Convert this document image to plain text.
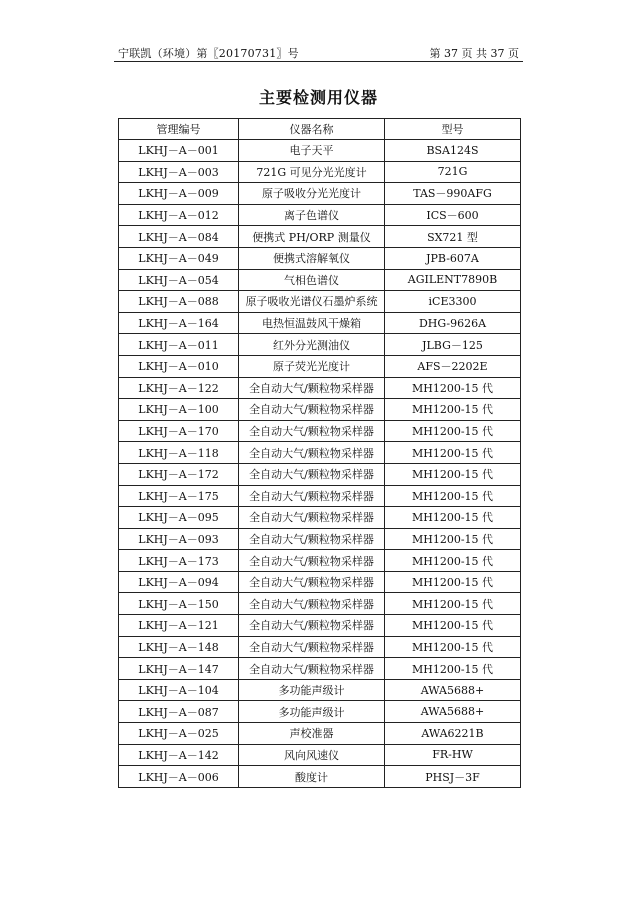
宁联凯（环境）第〖20170731〗号	第 37 页 共 37 页
主要检测用仪器
管理编号	仪器名称	型号
LKHJ－A－001	电子天平	BSA124S
LKHJ－A－003	721G 可见分光光度计	721G
LKHJ－A－009	原子吸收分光光度计	TAS－990AFG
LKHJ－A－012	离子色谱仪	ICS－600
LKHJ－A－084	便携式 PH/ORP 测量仪	SX721 型
LKHJ－A－049	便携式溶解氧仪	JPB-607A
LKHJ－A－054	气相色谱仪	AGILENT7890B
LKHJ－A－088	原子吸收光谱仪石墨炉系统	iCE3300
LKHJ－A－164	电热恒温鼓风干燥箱	DHG-9626A
LKHJ－A－011	红外分光测油仪	JLBG－125
LKHJ－A－010	原子荧光光度计	AFS－2202E
LKHJ－A－122	全自动大气/颗粒物采样器	MH1200-15 代
LKHJ－A－100	全自动大气/颗粒物采样器	MH1200-15 代
LKHJ－A－170	全自动大气/颗粒物采样器	MH1200-15 代
LKHJ－A－118	全自动大气/颗粒物采样器	MH1200-15 代
LKHJ－A－172	全自动大气/颗粒物采样器	MH1200-15 代
LKHJ－A－175	全自动大气/颗粒物采样器	MH1200-15 代
LKHJ－A－095	全自动大气/颗粒物采样器	MH1200-15 代
LKHJ－A－093	全自动大气/颗粒物采样器	MH1200-15 代
LKHJ－A－173	全自动大气/颗粒物采样器	MH1200-15 代
LKHJ－A－094	全自动大气/颗粒物采样器	MH1200-15 代
LKHJ－A－150	全自动大气/颗粒物采样器	MH1200-15 代
LKHJ－A－121	全自动大气/颗粒物采样器	MH1200-15 代
LKHJ－A－148	全自动大气/颗粒物采样器	MH1200-15 代
LKHJ－A－147	全自动大气/颗粒物采样器	MH1200-15 代
LKHJ－A－104	多功能声级计	AWA5688+
LKHJ－A－087	多功能声级计	AWA5688+
LKHJ－A－025	声校准器	AWA6221B
LKHJ－A－142	风向风速仪	FR-HW
LKHJ－A－006	酸度计	PHSJ－3F
